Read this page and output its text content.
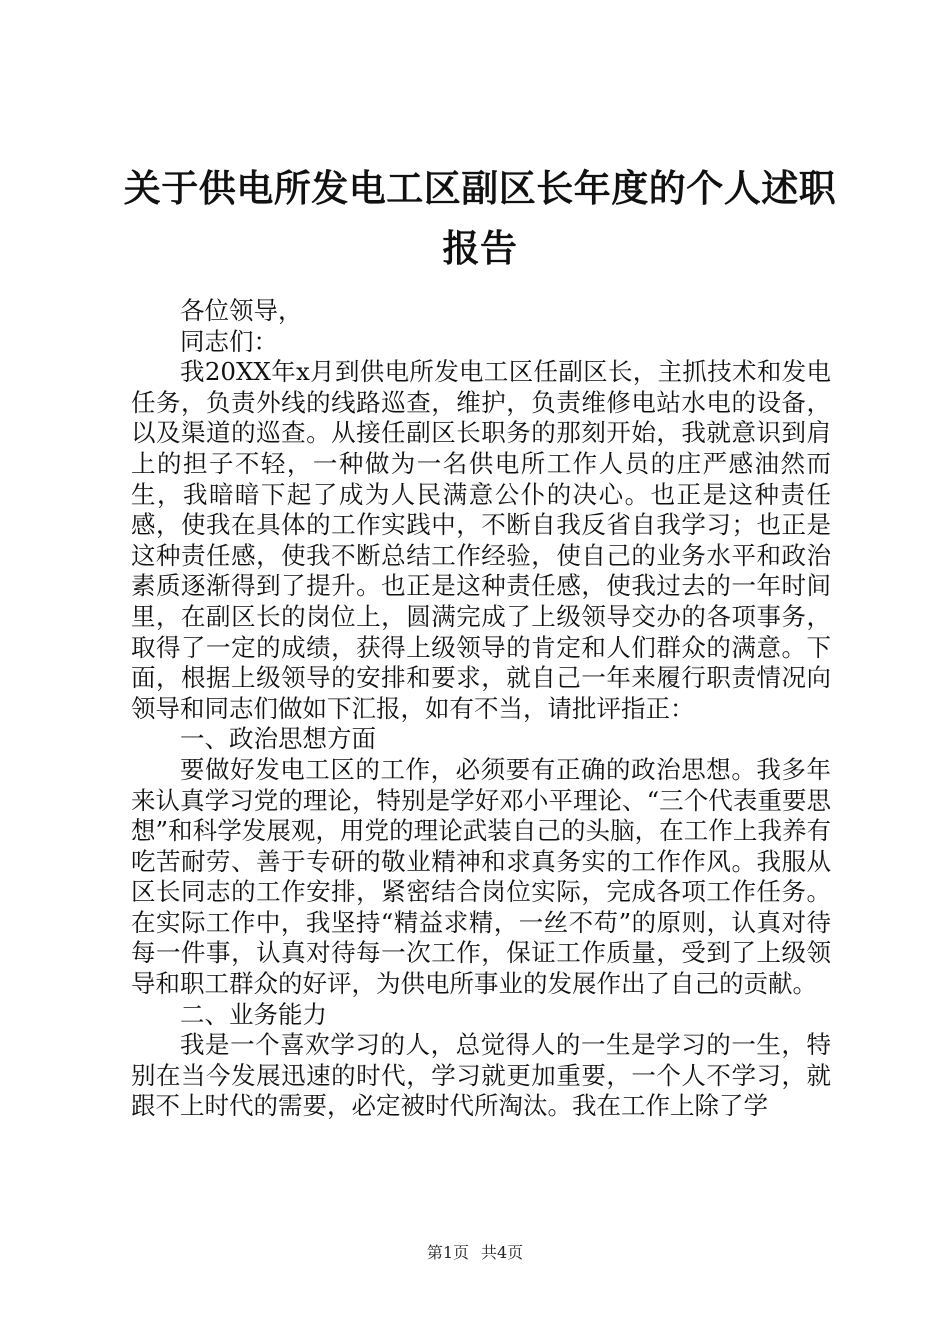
关于供电所发电工区副区长年度的个人述职报告

各位领导，

同志们：

我20XX年x月到供电所发电工区任副区长，主抓技术和发电任务，负责外线的线路巡查，维护，负责维修电站水电的设备，以及渠道的巡查。从接任副区长职务的那刻开始，我就意识到肩上的担子不轻，一种做为一名供电所工作人员的庄严感油然而生，我暗暗下起了成为人民满意公仆的决心。也正是这种责任感，使我在具体的工作实践中，不断自我反省自我学习；也正是这种责任感，使我不断总结工作经验，使自己的业务水平和政治素质逐渐得到了提升。也正是这种责任感，使我过去的一年时间里，在副区长的岗位上，圆满完成了上级领导交办的各项事务，取得了一定的成绩，获得上级领导的肯定和人们群众的满意。下面，根据上级领导的安排和要求，就自己一年来履行职责情况向领导和同志们做如下汇报，如有不当，请批评指正：

一、政治思想方面

要做好发电工区的工作，必须要有正确的政治思想。我多年来认真学习党的理论，特别是学好邓小平理论、“三个代表重要思想”和科学发展观，用党的理论武装自己的头脑，在工作上我养有吃苦耐劳、善于专研的敬业精神和求真务实的工作作风。我服从区长同志的工作安排，紧密结合岗位实际，完成各项工作任务。在实际工作中，我坚持“精益求精，一丝不苟”的原则，认真对待每一件事，认真对待每一次工作，保证工作质量，受到了上级领导和职工群众的好评，为供电所事业的发展作出了自己的贡献。

二、业务能力

我是一个喜欢学习的人，总觉得人的一生是学习的一生，特别在当今发展迅速的时代，学习就更加重要，一个人不学习，就跟不上时代的需要，必定被时代所淘汰。我在工作上除了学

第1页 共4页
